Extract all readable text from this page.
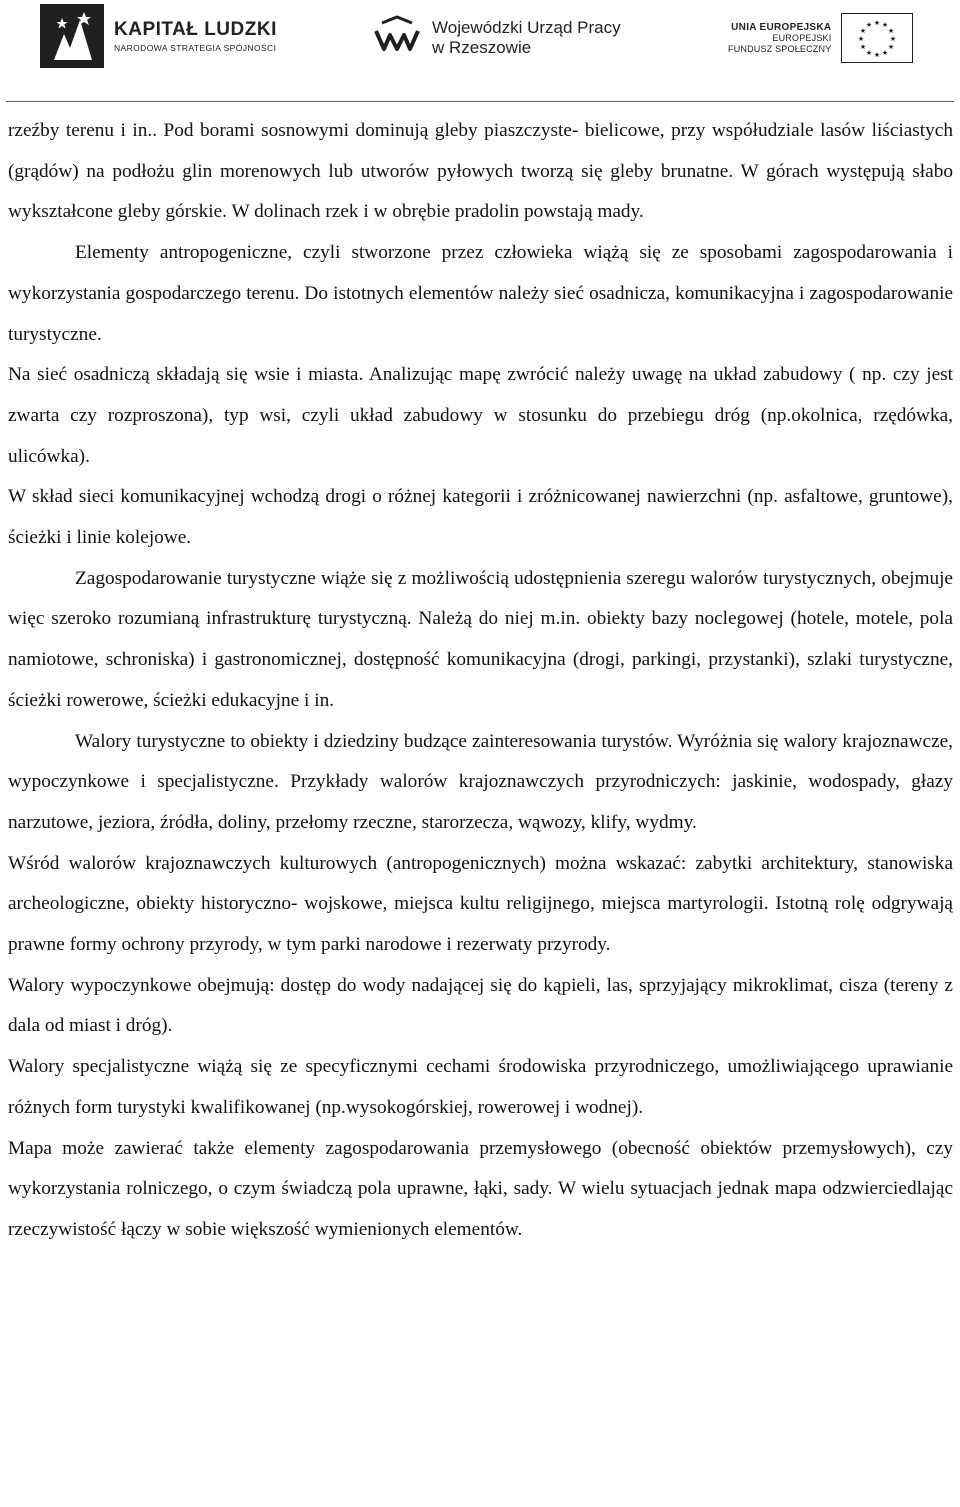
KAPITAŁ LUDZKI
NARODOWA STRATEGIA SPÓJNOŚCI
Wojewódzki Urząd Pracy
w Rzeszowie
UNIA EUROPEJSKA
EUROPEJSKI
FUNDUSZ SPOŁECZNY
★ ★
★
★
★
★
★
★
★
★
★
★

rzeźby terenu i in.. Pod borami sosnowymi dominują gleby piaszczyste- bielicowe, przy współudziale lasów liściastych (grądów) na podłożu glin morenowych lub utworów pyłowych tworzą się gleby brunatne. W górach występują słabo wykształcone gleby górskie. W dolinach rzek i w obrębie pradolin powstają mady.

Elementy antropogeniczne, czyli stworzone przez człowieka wiążą się ze sposobami zagospodarowania i wykorzystania gospodarczego terenu. Do istotnych elementów należy sieć osadnicza, komunikacyjna i zagospodarowanie turystyczne.

Na sieć osadniczą składają się wsie i miasta. Analizując mapę zwrócić należy uwagę na układ zabudowy ( np. czy jest zwarta czy rozproszona), typ wsi, czyli układ zabudowy w stosunku do przebiegu dróg (np.okolnica, rzędówka, ulicówka).

W skład sieci komunikacyjnej wchodzą drogi o różnej kategorii i zróżnicowanej nawierzchni (np. asfaltowe, gruntowe), ścieżki i linie kolejowe.

Zagospodarowanie turystyczne wiąże się z możliwością udostępnienia szeregu walorów turystycznych, obejmuje więc szeroko rozumianą infrastrukturę turystyczną. Należą do niej m.in. obiekty bazy noclegowej (hotele, motele, pola namiotowe, schroniska) i gastronomicznej, dostępność komunikacyjna (drogi, parkingi, przystanki), szlaki turystyczne, ścieżki rowerowe, ścieżki edukacyjne i in.

Walory turystyczne to obiekty i dziedziny budzące zainteresowania turystów. Wyróżnia się walory krajoznawcze, wypoczynkowe i specjalistyczne. Przykłady walorów krajoznawczych przyrodniczych: jaskinie, wodospady, głazy narzutowe, jeziora, źródła, doliny, przełomy rzeczne, starorzecza, wąwozy, klify, wydmy.

Wśród walorów krajoznawczych kulturowych (antropogenicznych) można wskazać: zabytki architektury, stanowiska archeologiczne, obiekty historyczno- wojskowe, miejsca kultu religijnego, miejsca martyrologii. Istotną rolę odgrywają prawne formy ochrony przyrody, w tym parki narodowe i rezerwaty przyrody.

Walory wypoczynkowe obejmują: dostęp do wody nadającej się do kąpieli, las, sprzyjający mikroklimat, cisza (tereny z dala od miast i dróg).

Walory specjalistyczne wiążą się ze specyficznymi cechami środowiska przyrodniczego, umożliwiającego uprawianie różnych form turystyki kwalifikowanej (np.wysokogórskiej, rowerowej i wodnej).

Mapa może zawierać także elementy zagospodarowania przemysłowego (obecność obiektów przemysłowych), czy wykorzystania rolniczego, o czym świadczą pola uprawne, łąki, sady. W wielu sytuacjach jednak mapa odzwierciedlając rzeczywistość łączy w sobie większość wymienionych elementów.
